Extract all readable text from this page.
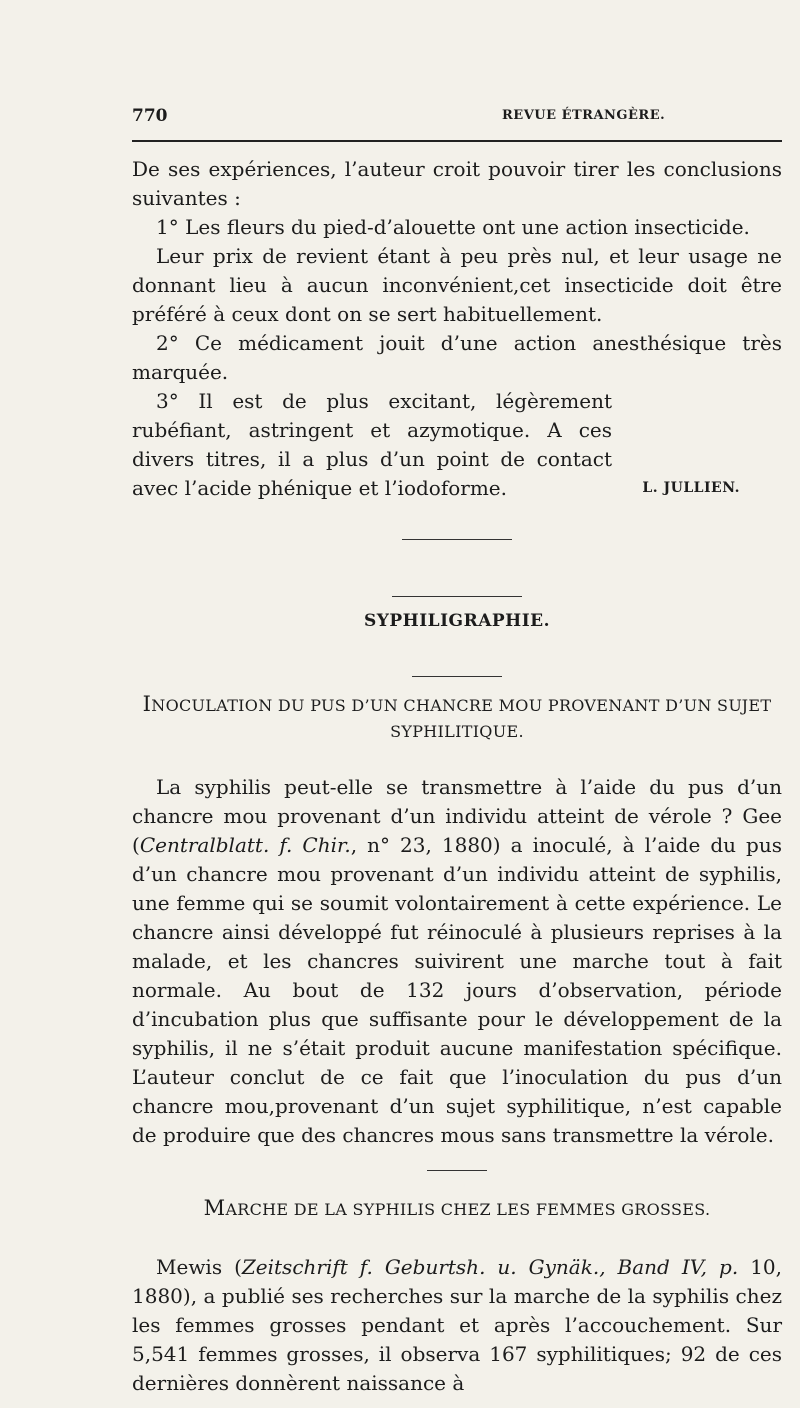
770	REVUE ÉTRANGÈRE.

De ses expériences, l’auteur croit pouvoir tirer les conclusions suivantes :

1° Les fleurs du pied-d’alouette ont une action insecticide.

Leur prix de revient étant à peu près nul, et leur usage ne donnant lieu à aucun inconvénient,cet insecticide doit être préféré à ceux dont on se sert habituellement.

2° Ce médicament jouit d’une action anesthésique très marquée.

3° Il est de plus excitant, légèrement rubéfiant, astringent et azymotique. A ces divers titres, il a plus d’un point de contact avec l’acide phénique et l’iodoforme.	L. JULLIEN.
SYPHILIGRAPHIE.
INOCULATION DU PUS D’UN CHANCRE MOU PROVENANT D’UN SUJET SYPHILITIQUE.

La syphilis peut-elle se transmettre à l’aide du pus d’un chancre mou provenant d’un individu atteint de vérole ? Gee (Centralblatt. f. Chir., n° 23, 1880) a inoculé, à l’aide du pus d’un chancre mou provenant d’un individu atteint de syphilis, une femme qui se soumit volontairement à cette expérience. Le chancre ainsi développé fut réinoculé à plusieurs reprises à la malade, et les chancres suivirent une marche tout à fait normale. Au bout de 132 jours d’observation, période d’incubation plus que suffisante pour le développement de la syphilis, il ne s’était produit aucune manifestation spécifique. L’auteur conclut de ce fait que l’inoculation du pus d’un chancre mou,provenant d’un sujet syphilitique, n’est capable de produire que des chancres mous sans transmettre la vérole.

MARCHE DE LA SYPHILIS CHEZ LES FEMMES GROSSES.

Mewis (Zeitschrift f. Geburtsh. u. Gynäk., Band IV, p. 10, 1880), a publié ses recherches sur la marche de la syphilis chez les femmes grosses pendant et après l’accouchement. Sur 5,541 femmes grosses, il observa 167 syphilitiques; 92 de ces dernières donnèrent naissance à
